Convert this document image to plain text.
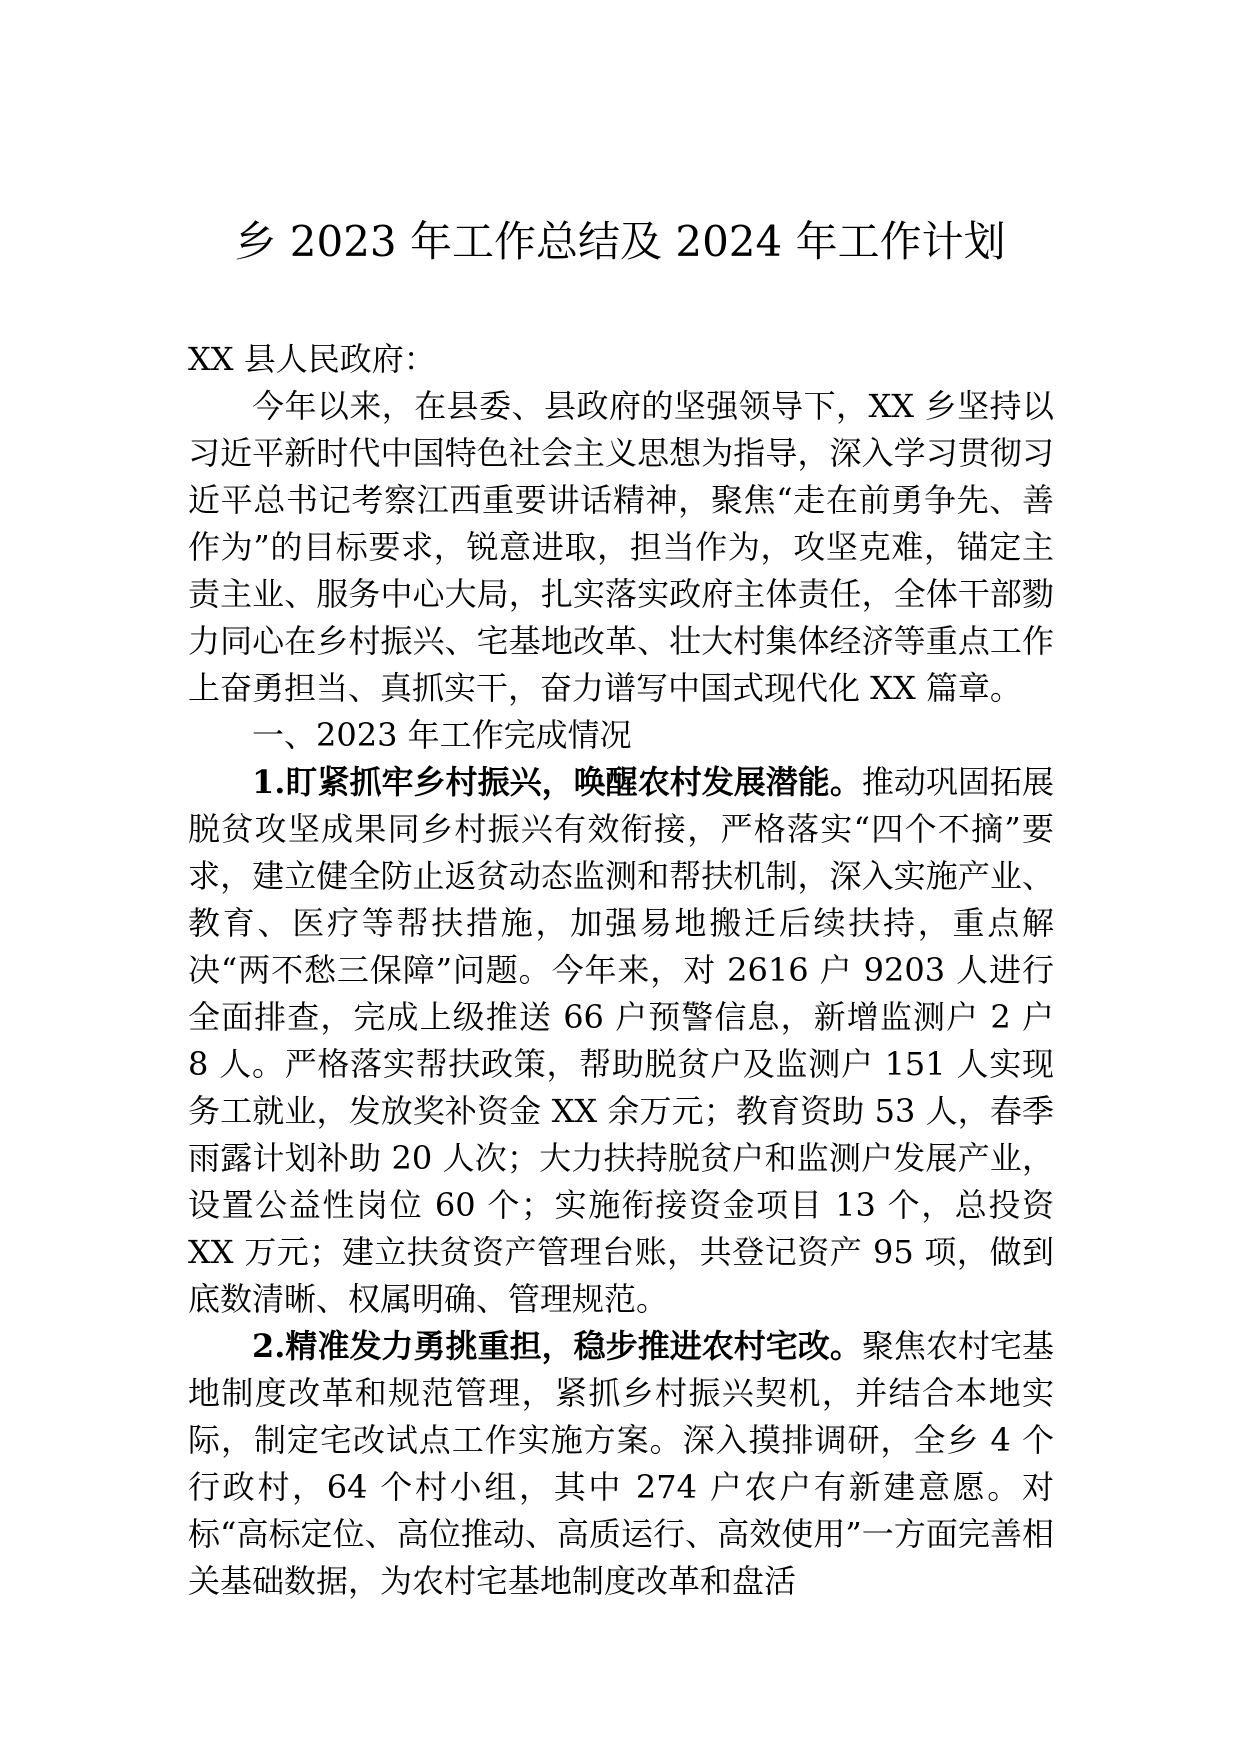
乡 2023 年工作总结及 2024 年工作计划

XX 县人民政府：

今年以来，在县委、县政府的坚强领导下，XX 乡坚持以习近平新时代中国特色社会主义思想为指导，深入学习贯彻习近平总书记考察江西重要讲话精神，聚焦“走在前勇争先、善作为”的目标要求，锐意进取，担当作为，攻坚克难，锚定主责主业、服务中心大局，扎实落实政府主体责任，全体干部勠力同心在乡村振兴、宅基地改革、壮大村集体经济等重点工作上奋勇担当、真抓实干，奋力谱写中国式现代化 XX 篇章。

一、2023 年工作完成情况

1.盯紧抓牢乡村振兴，唤醒农村发展潜能。推动巩固拓展脱贫攻坚成果同乡村振兴有效衔接，严格落实“四个不摘”要求，建立健全防止返贫动态监测和帮扶机制，深入实施产业、教育、医疗等帮扶措施，加强易地搬迁后续扶持，重点解决“两不愁三保障”问题。今年来，对 2616 户 9203 人进行全面排查，完成上级推送 66 户预警信息，新增监测户 2 户 8 人。严格落实帮扶政策，帮助脱贫户及监测户 151 人实现务工就业，发放奖补资金 XX 余万元；教育资助 53 人，春季雨露计划补助 20 人次；大力扶持脱贫户和监测户发展产业，设置公益性岗位 60 个；实施衔接资金项目 13 个，总投资 XX 万元；建立扶贫资产管理台账，共登记资产 95 项，做到底数清晰、权属明确、管理规范。

2.精准发力勇挑重担，稳步推进农村宅改。聚焦农村宅基地制度改革和规范管理，紧抓乡村振兴契机，并结合本地实际，制定宅改试点工作实施方案。深入摸排调研，全乡 4 个行政村，64 个村小组，其中 274 户农户有新建意愿。对标“高标定位、高位推动、高质运行、高效使用”一方面完善相关基础数据，为农村宅基地制度改革和盘活
